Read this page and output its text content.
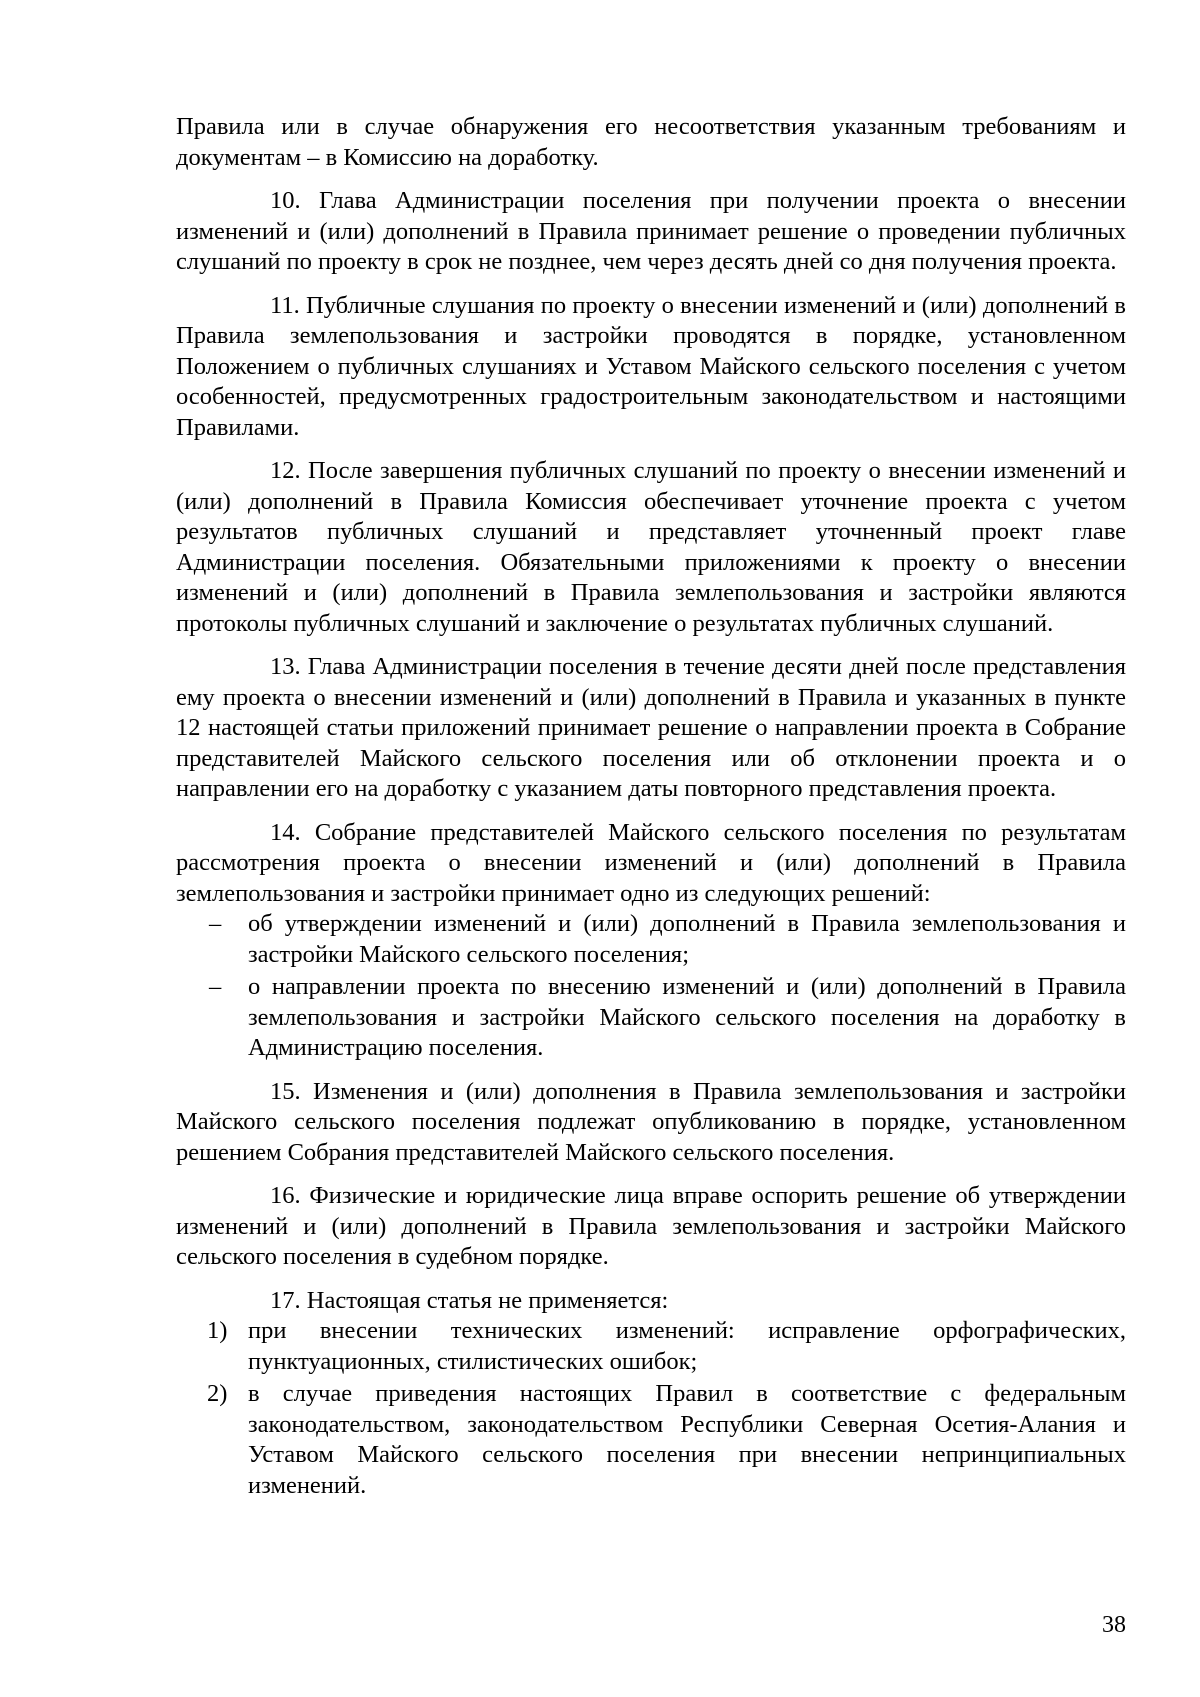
Правила или в случае обнаружения его несоответствия указанным требованиям и документам – в Комиссию на доработку.

10. Глава Администрации поселения при получении проекта о внесении изменений и (или) дополнений в Правила принимает решение о проведении публичных слушаний по проекту в срок не позднее, чем через десять дней со дня получения проекта.

11. Публичные слушания по проекту о внесении изменений и (или) дополнений в Правила землепользования и застройки проводятся в порядке, установленном Положением о публичных слушаниях и Уставом Майского сельского поселения с учетом особенностей, предусмотренных градостроительным законодательством и настоящими Правилами.

12. После завершения публичных слушаний по проекту о внесении изменений и (или) дополнений в Правила Комиссия обеспечивает уточнение проекта с учетом результатов публичных слушаний и представляет уточненный проект главе Администрации поселения. Обязательными приложениями к проекту о внесении изменений и (или) дополнений в Правила землепользования и застройки являются протоколы публичных слушаний и заключение о результатах публичных слушаний.

13. Глава Администрации поселения в течение десяти дней после представления ему проекта о внесении изменений и (или) дополнений в Правила и указанных в пункте 12 настоящей статьи приложений принимает решение о направлении проекта в Собрание представителей Майского сельского поселения или об отклонении проекта и о направлении его на доработку с указанием даты повторного представления проекта.

14. Собрание представителей Майского сельского поселения по результатам рассмотрения проекта о внесении изменений и (или) дополнений в Правила землепользования и застройки принимает одно из следующих решений:

– об утверждении изменений и (или) дополнений в Правила землепользования и застройки Майского сельского поселения;
– о направлении проекта по внесению изменений и (или) дополнений в Правила землепользования и застройки Майского сельского поселения на доработку в Администрацию поселения.

15. Изменения и (или) дополнения в Правила землепользования и застройки Майского сельского поселения подлежат опубликованию в порядке, установленном решением Собрания представителей Майского сельского поселения.

16. Физические и юридические лица вправе оспорить решение об утверждении изменений и (или) дополнений в Правила землепользования и застройки Майского сельского поселения в судебном порядке.

17. Настоящая статья не применяется:

1) при внесении технических изменений: исправление орфографических, пунктуационных, стилистических ошибок;
2) в случае приведения настоящих Правил в соответствие с федеральным законодательством, законодательством Республики Северная Осетия-Алания и Уставом Майского сельского поселения при внесении непринципиальных изменений.
38
